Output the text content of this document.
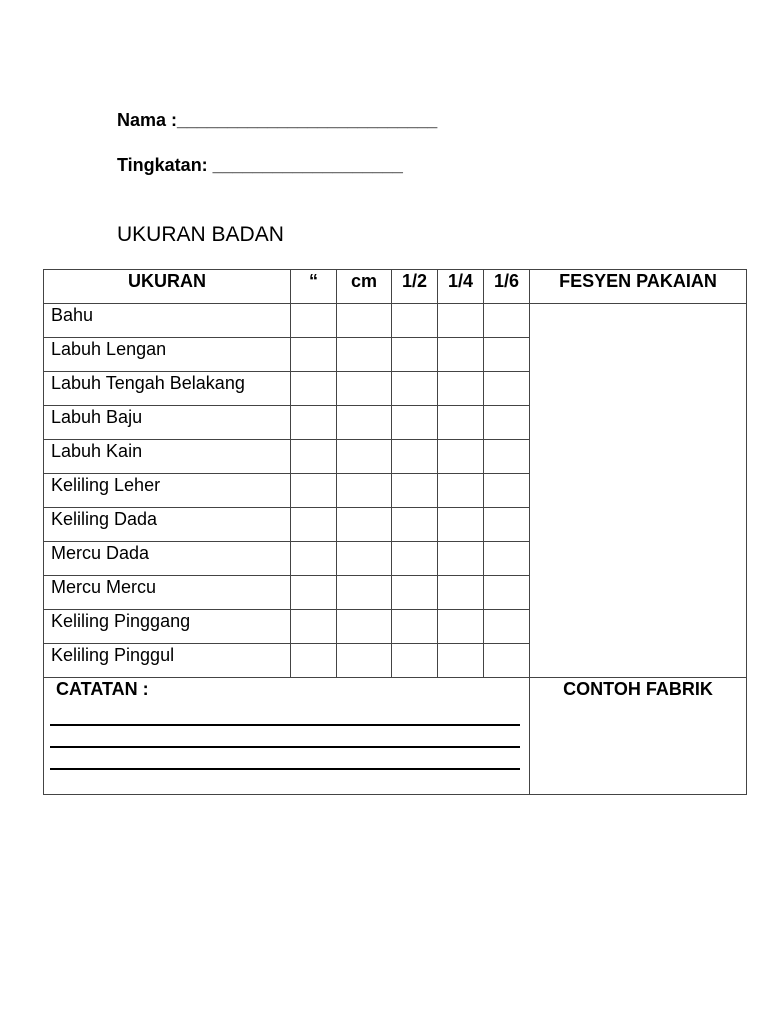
Nama :__________________________
Tingkatan: ___________________
UKURAN BADAN
UKURAN	“	cm	1/2	1/4	1/6	FESYEN PAKAIAN
Bahu						
Labuh Lengan						
Labuh Tengah Belakang						
Labuh Baju						
Labuh Kain						
Keliling Leher						
Keliling Dada						
Mercu Dada						
Mercu Mercu						
Keliling Pinggang						
Keliling Pinggul						

CATATAN :						CONTOH FABRIK
